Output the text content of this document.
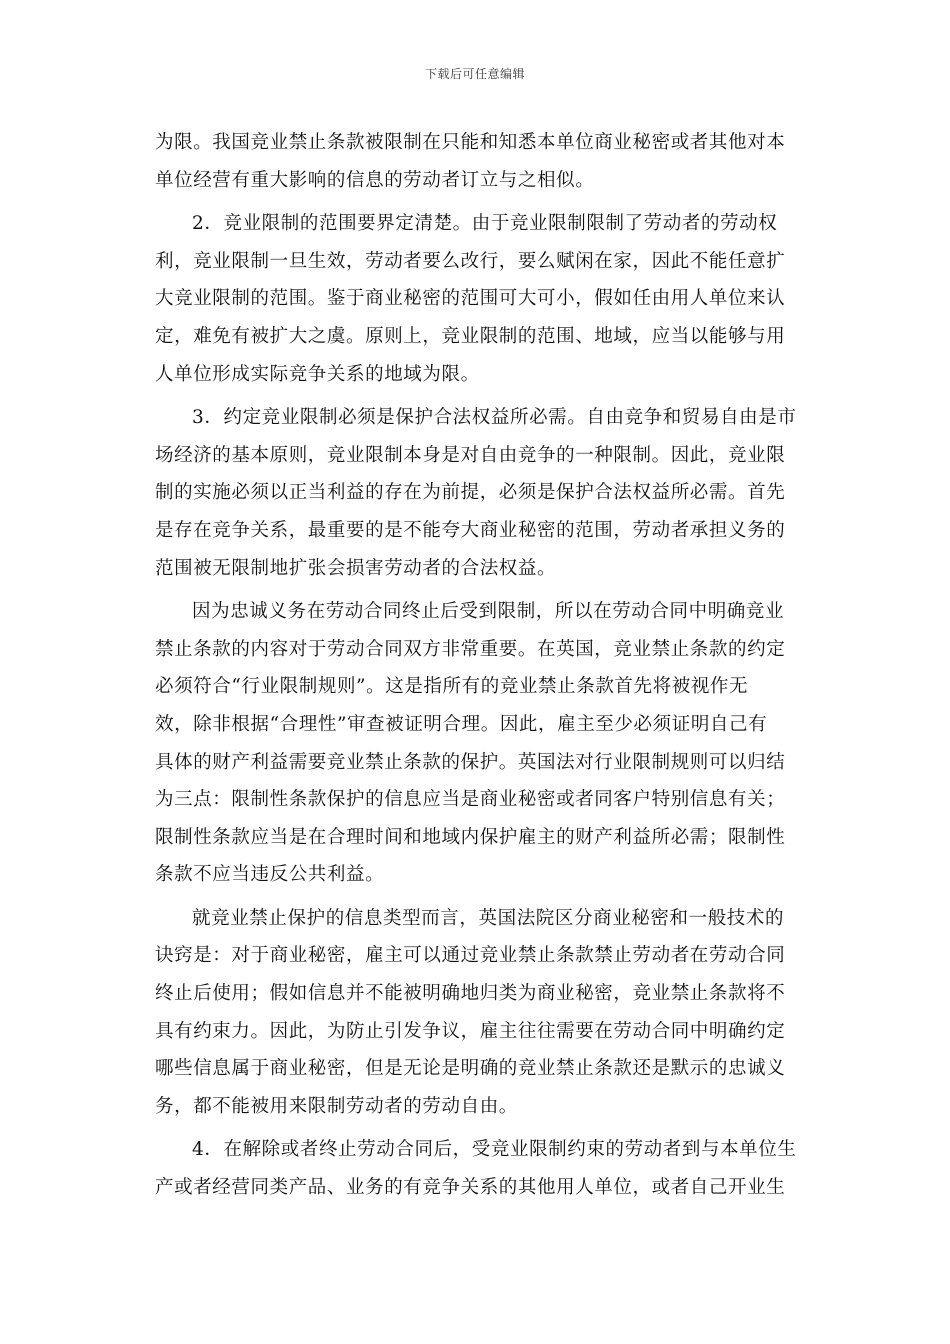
下载后可任意编辑
为限。我国竞业禁止条款被限制在只能和知悉本单位商业秘密或者其他对本
单位经营有重大影响的信息的劳动者订立与之相似。
2．竞业限制的范围要界定清楚。由于竞业限制限制了劳动者的劳动权
利，竞业限制一旦生效，劳动者要么改行，要么赋闲在家，因此不能任意扩
大竞业限制的范围。鉴于商业秘密的范围可大可小，假如任由用人单位来认
定，难免有被扩大之虞。原则上，竞业限制的范围、地域，应当以能够与用
人单位形成实际竞争关系的地域为限。
3．约定竞业限制必须是保护合法权益所必需。自由竞争和贸易自由是市
场经济的基本原则，竞业限制本身是对自由竞争的一种限制。因此，竞业限
制的实施必须以正当利益的存在为前提，必须是保护合法权益所必需。首先
是存在竞争关系，最重要的是不能夸大商业秘密的范围，劳动者承担义务的
范围被无限制地扩张会损害劳动者的合法权益。
因为忠诚义务在劳动合同终止后受到限制，所以在劳动合同中明确竞业
禁止条款的内容对于劳动合同双方非常重要。在英国，竞业禁止条款的约定
必须符合“行业限制规则”。这是指所有的竞业禁止条款首先将被视作无
效，除非根据“合理性”审查被证明合理。因此，雇主至少必须证明自己有
具体的财产利益需要竞业禁止条款的保护。英国法对行业限制规则可以归结
为三点：限制性条款保护的信息应当是商业秘密或者同客户特别信息有关；
限制性条款应当是在合理时间和地域内保护雇主的财产利益所必需；限制性
条款不应当违反公共利益。
就竞业禁止保护的信息类型而言，英国法院区分商业秘密和一般技术的
诀窍是：对于商业秘密，雇主可以通过竞业禁止条款禁止劳动者在劳动合同
终止后使用；假如信息并不能被明确地归类为商业秘密，竞业禁止条款将不
具有约束力。因此，为防止引发争议，雇主往往需要在劳动合同中明确约定
哪些信息属于商业秘密，但是无论是明确的竞业禁止条款还是默示的忠诚义
务，都不能被用来限制劳动者的劳动自由。
4．在解除或者终止劳动合同后，受竞业限制约束的劳动者到与本单位生
产或者经营同类产品、业务的有竞争关系的其他用人单位，或者自己开业生
